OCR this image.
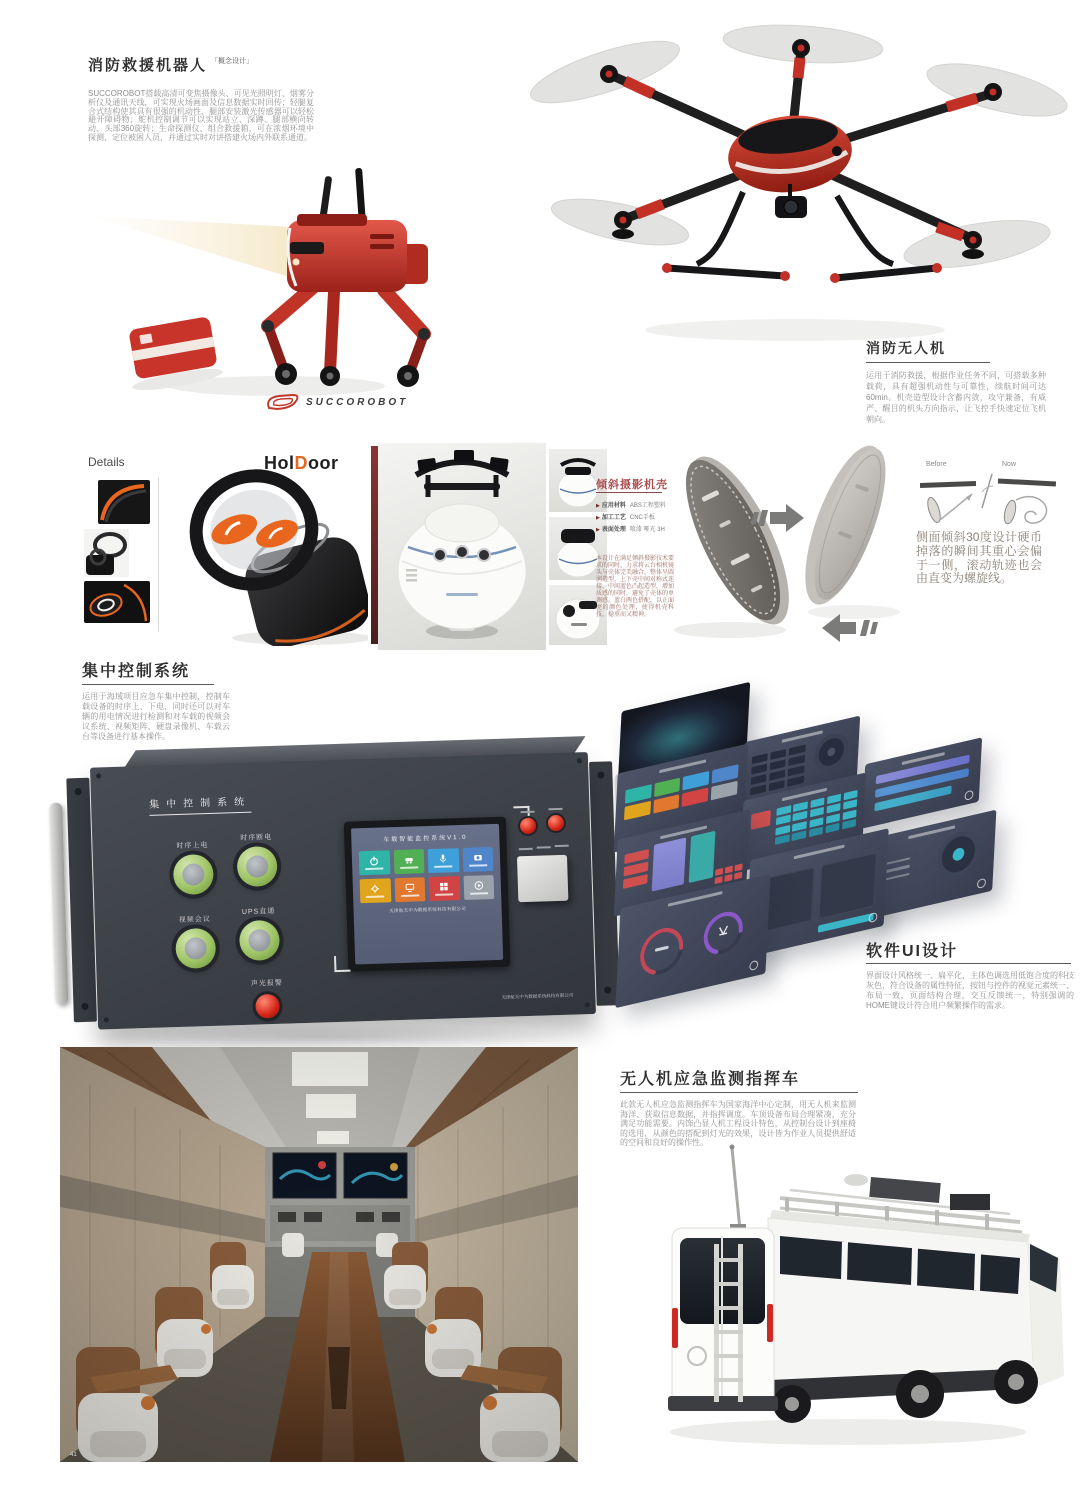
消防救援机器人 $^{「概念设计」}$

SUCCOROBOT搭载高清可变焦摄像头、可见光照明灯、烟雾分析仪及通讯天线，可实现火场画面及信息数据实时回传；轻腿复合式结构使其具有很强的机动性，腿部安装激光传感器可以轻松避开障碍物；舵机控制调节可以实现站立、深蹲、腿部横向转动、头部360旋转；生命探测仪、组合救援箱，可在浓烟环境中探测、定位被困人员，并通过实时对讲搭建火场内外联系通道。

SUCCOROBOT
消防无人机

运用于消防救援，根据作业任务不同，可搭载多种载荷，具有超强机动性与可靠性，续航时间可达60min。机壳造型设计含蓄内敛，攻守兼备，有威严、醒目的机头方向指示，让飞控手快速定位飞机朝向。

Details	HolDoor
倾斜摄影机壳
▶ 应用材料 ABS工程塑料
▶ 加工工艺 CNC手板
▶ 表面处理 喷漆 哑光 3H

本设计在满足倾斜摄影技术要求的同时，力求将云台相机镜头与壳体完美融合。整体呈圆润造型，上下壳中间对称式连接，中间蓝色凸起造型，增加质感的同时，避免了壳体的单调感。蓝白两色搭配，以正面亮的颜色处理，使得机壳科技、稳重而又精神。

Before	Now

侧面倾斜30度设计硬币掉落的瞬间其重心会偏于一侧，滚动轨迹也会由直变为螺旋线。

集中控制系统

运用于海域项目应急车集中控制，控制车载设备的时序上、下电，同时还可以对车辆的用电情况进行检测和对车载的视频会议系统、视频矩阵、硬盘录像机、车载云台等设备进行基本操作。

集中控制系统
时序上电
时序断电
视频会议
UPS直通
声光报警
车载智能监控系统V1.0
天津航天中为数据系统科技有限公司
天津航天中为数据系统科技有限公司
软件UI设计

界面设计风格统一、扁平化，主体色调选用低饱合度的科技灰色，符合设备的属性特征，按钮与控件的视觉元素统一、布局一致，页面结构合理，交互反馈统一，特别强调的HOME键设计符合用户频繁操作的需求。

41
无人机应急监测指挥车

此款无人机应急监测指挥车为国家海洋中心定制，用无人机来监测海洋、获取信息数据，并指挥调度。车顶设备布局合理紧凑，充分满足功能需要。内饰凸显人机工程设计特色，从控制台设计到座椅的选用，从颜色的搭配到灯光的效果，设计皆为作业人员提供舒适的空间和良好的操作性。
